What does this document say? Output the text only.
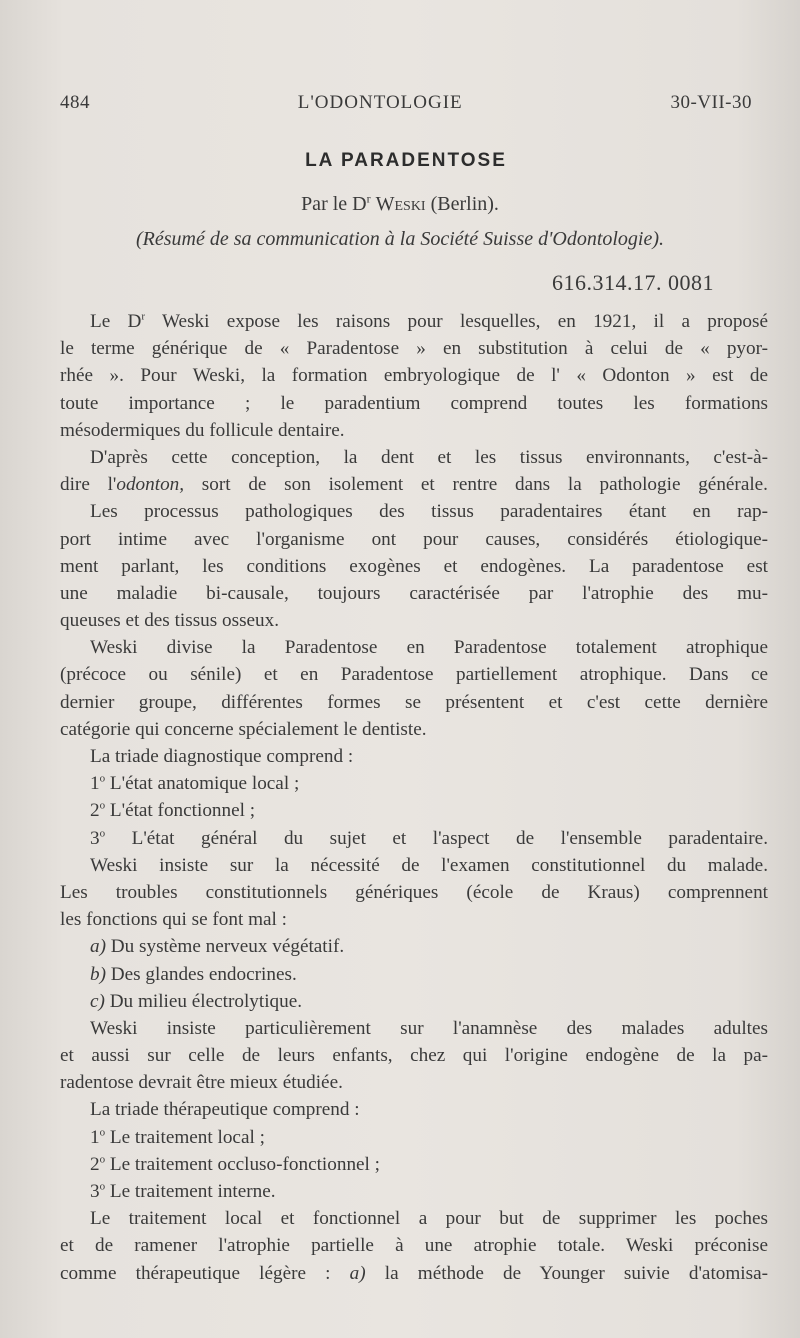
484	L'ODONTOLOGIE	30-VII-30
LA PARADENTOSE
Par le $D^r$ Weski (Berlin).
(Résumé de sa communication à la Société Suisse d'Odontologie).
616.314.17. 0081
Le $D^r$ Weski expose les raisons pour lesquelles, en 1921, il a proposé
le terme générique de « Paradentose » en substitution à celui de « pyor-
rhée ». Pour Weski, la formation embryologique de l' « Odonton » est de
toute importance ; le paradentium comprend toutes les formations
mésodermiques du follicule dentaire.
D'après cette conception, la dent et les tissus environnants, c'est-à-
dire l'odonton, sort de son isolement et rentre dans la pathologie générale.
Les processus pathologiques des tissus paradentaires étant en rap-
port intime avec l'organisme ont pour causes, considérés étiologique-
ment parlant, les conditions exogènes et endogènes. La paradentose est
une maladie bi-causale, toujours caractérisée par l'atrophie des mu-
queuses et des tissus osseux.
Weski divise la Paradentose en Paradentose totalement atrophique
(précoce ou sénile) et en Paradentose partiellement atrophique. Dans ce
dernier groupe, différentes formes se présentent et c'est cette dernière
catégorie qui concerne spécialement le dentiste.
La triade diagnostique comprend :
1$^o$ L'état anatomique local ;
2$^o$ L'état fonctionnel ;
3$^o$ L'état général du sujet et l'aspect de l'ensemble paradentaire.
Weski insiste sur la nécessité de l'examen constitutionnel du malade.
Les troubles constitutionnels génériques (école de Kraus) comprennent
les fonctions qui se font mal :
a) Du système nerveux végétatif.
b) Des glandes endocrines.
c) Du milieu électrolytique.
Weski insiste particulièrement sur l'anamnèse des malades adultes
et aussi sur celle de leurs enfants, chez qui l'origine endogène de la pa-
radentose devrait être mieux étudiée.
La triade thérapeutique comprend :
1$^o$ Le traitement local ;
2$^o$ Le traitement occluso-fonctionnel ;
3$^o$ Le traitement interne.
Le traitement local et fonctionnel a pour but de supprimer les poches
et de ramener l'atrophie partielle à une atrophie totale. Weski préconise
comme thérapeutique légère : a) la méthode de Younger suivie d'atomisa-
